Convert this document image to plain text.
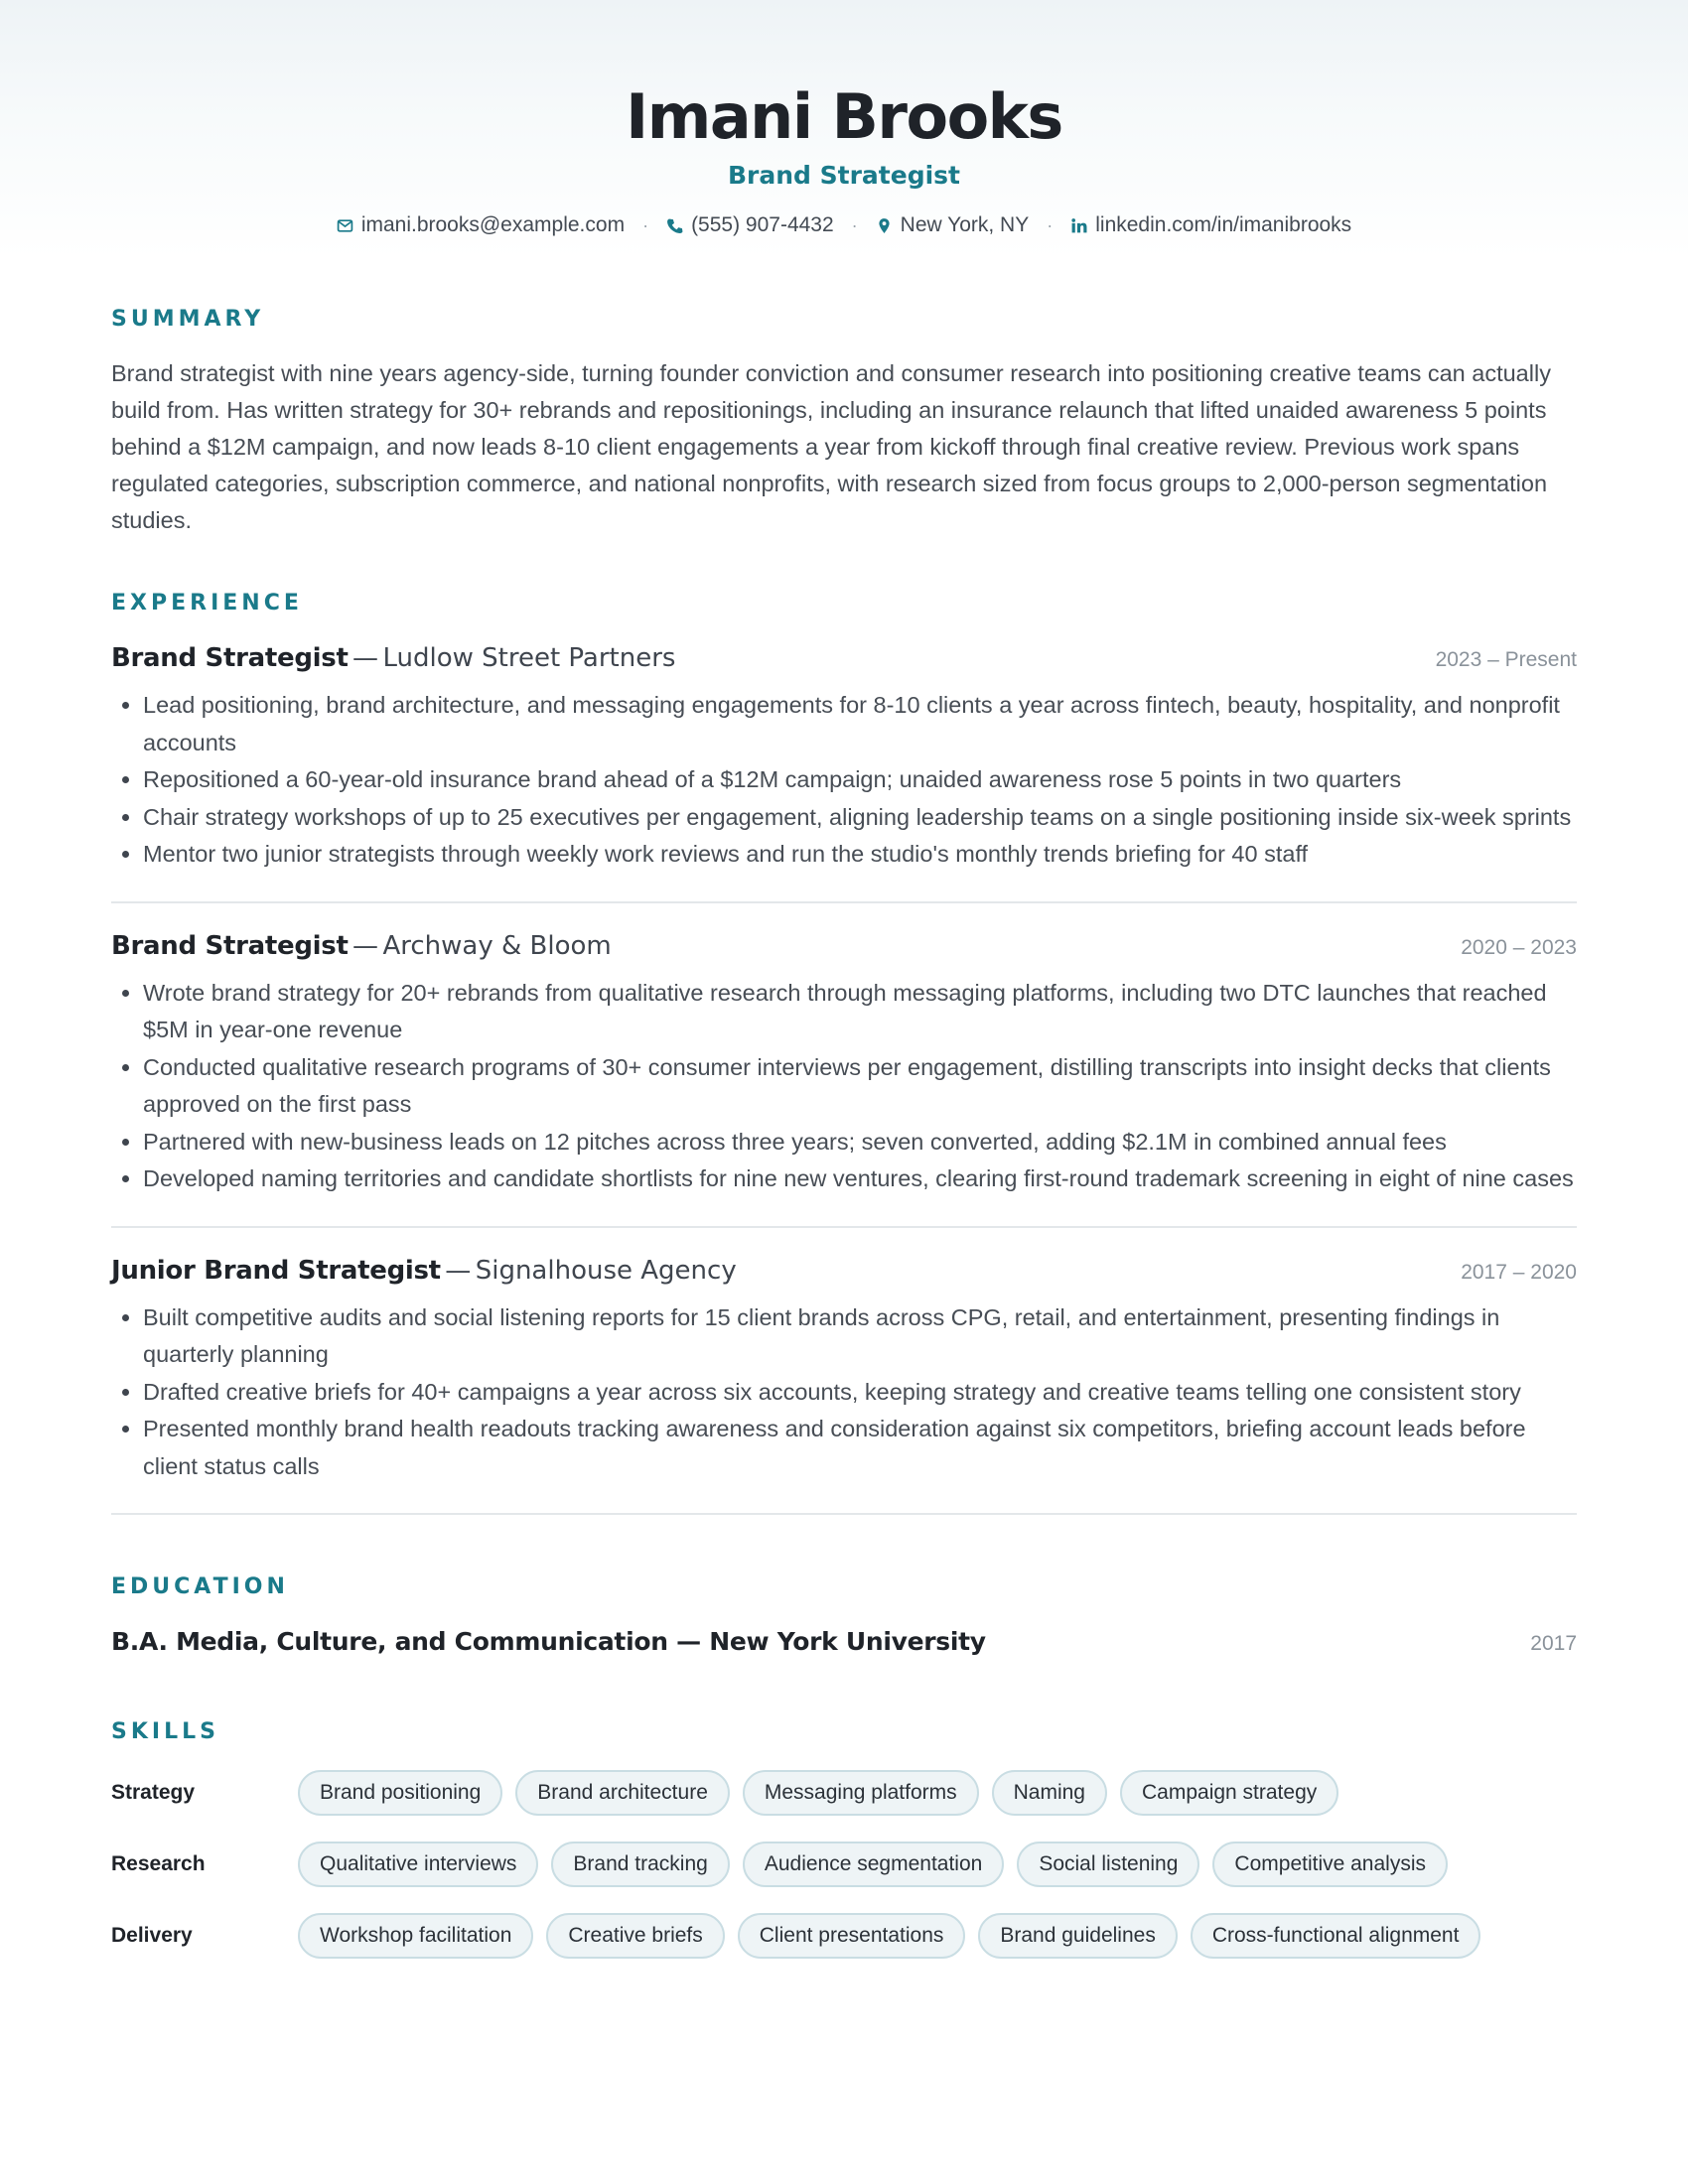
Imani Brooks
Brand Strategist
imani.brooks@example.com · (555) 907-4432 · New York, NY · linkedin.com/in/imanibrooks
SUMMARY

Brand strategist with nine years agency-side, turning founder conviction and consumer research into positioning creative teams can actually build from. Has written strategy for 30+ rebrands and repositionings, including an insurance relaunch that lifted unaided awareness 5 points behind a $12M campaign, and now leads 8-10 client engagements a year from kickoff through final creative review. Previous work spans regulated categories, subscription commerce, and national nonprofits, with research sized from focus groups to 2,000-person segmentation studies.

EXPERIENCE
Brand Strategist — Ludlow Street Partners	2023 – Present
• Lead positioning, brand architecture, and messaging engagements for 8-10 clients a year across fintech, beauty, hospitality, and nonprofit accounts
• Repositioned a 60-year-old insurance brand ahead of a $12M campaign; unaided awareness rose 5 points in two quarters
• Chair strategy workshops of up to 25 executives per engagement, aligning leadership teams on a single positioning inside six-week sprints
• Mentor two junior strategists through weekly work reviews and run the studio's monthly trends briefing for 40 staff
Brand Strategist — Archway & Bloom	2020 – 2023
• Wrote brand strategy for 20+ rebrands from qualitative research through messaging platforms, including two DTC launches that reached $5M in year-one revenue
• Conducted qualitative research programs of 30+ consumer interviews per engagement, distilling transcripts into insight decks that clients approved on the first pass
• Partnered with new-business leads on 12 pitches across three years; seven converted, adding $2.1M in combined annual fees
• Developed naming territories and candidate shortlists for nine new ventures, clearing first-round trademark screening in eight of nine cases
Junior Brand Strategist — Signalhouse Agency	2017 – 2020
• Built competitive audits and social listening reports for 15 client brands across CPG, retail, and entertainment, presenting findings in quarterly planning
• Drafted creative briefs for 40+ campaigns a year across six accounts, keeping strategy and creative teams telling one consistent story
• Presented monthly brand health readouts tracking awareness and consideration against six competitors, briefing account leads before client status calls
EDUCATION
B.A. Media, Culture, and Communication — New York University	2017
SKILLS
Strategy	Brand positioning	Brand architecture	Messaging platforms	Naming	Campaign strategy
Research	Qualitative interviews	Brand tracking	Audience segmentation	Social listening	Competitive analysis
Delivery	Workshop facilitation	Creative briefs	Client presentations	Brand guidelines	Cross-functional alignment
